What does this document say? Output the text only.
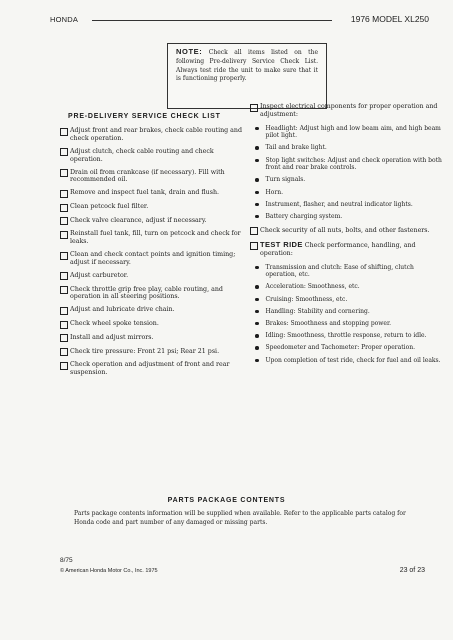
HONDA	1976 MODEL XL250
NOTE: Check all items listed on the following Pre-delivery Service Check List. Always test ride the unit to make sure that it is functioning properly.
PRE-DELIVERY SERVICE CHECK LIST
Adjust front and rear brakes, check cable routing and check operation.
Adjust clutch, check cable routing and check operation.
Drain oil from crankcase (if necessary). Fill with recommended oil.
Remove and inspect fuel tank, drain and flush.
Clean petcock fuel filter.
Check valve clearance, adjust if necessary.
Reinstall fuel tank, fill, turn on petcock and check for leaks.
Clean and check contact points and ignition timing; adjust if necessary.
Adjust carburetor.
Check throttle grip free play, cable routing, and operation in all steering positions.
Adjust and lubricate drive chain.
Check wheel spoke tension.
Install and adjust mirrors.
Check tire pressure: Front 21 psi; Rear 21 psi.
Check operation and adjustment of front and rear suspension.
Inspect electrical components for proper operation and adjustment:
Headlight: Adjust high and low beam aim, and high beam pilot light.
Tail and brake light.
Stop light switches: Adjust and check operation with both front and rear brake controls.
Turn signals.
Horn.
Instrument, flasher, and neutral indicator lights.
Battery charging system.
Check security of all nuts, bolts, and other fasteners.
TEST RIDE Check performance, handling, and operation:
Transmission and clutch: Ease of shifting, clutch operation, etc.
Acceleration: Smoothness, etc.
Cruising: Smoothness, etc.
Handling: Stability and cornering.
Brakes: Smoothness and stopping power.
Idling: Smoothness, throttle response, return to idle.
Speedometer and Tachometer: Proper operation.
Upon completion of test ride, check for fuel and oil leaks.
PARTS PACKAGE CONTENTS
Parts package contents information will be supplied when available. Refer to the applicable parts catalog for Honda code and part number of any damaged or missing parts.
8/75
© American Honda Motor Co., Inc. 1975	23 of 23
